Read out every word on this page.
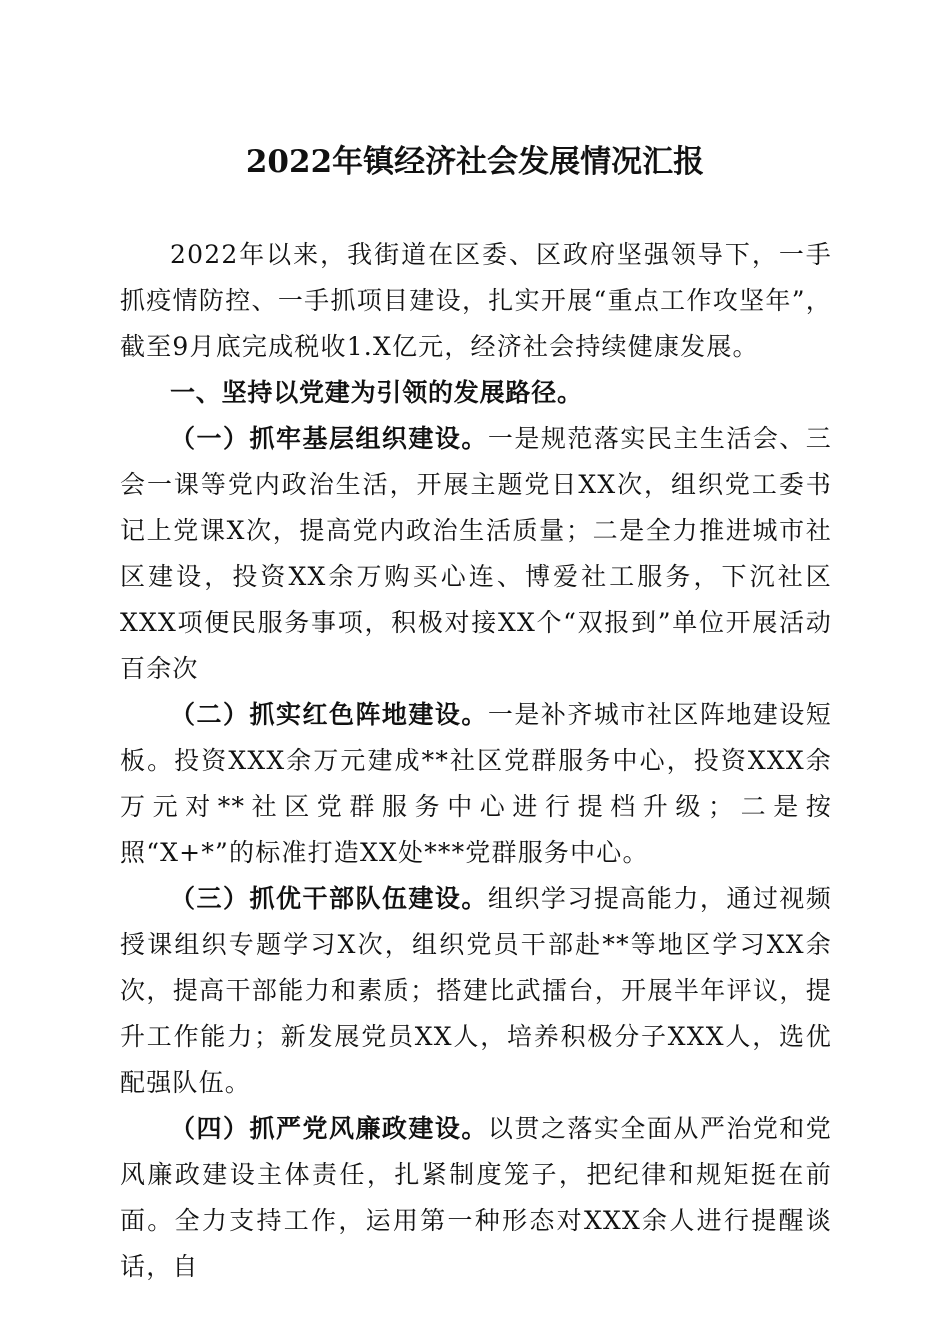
2022年镇经济社会发展情况汇报

2022年以来，我街道在区委、区政府坚强领导下，一手抓疫情防控、一手抓项目建设，扎实开展“重点工作攻坚年”，截至9月底完成税收1.X亿元，经济社会持续健康发展。

一、坚持以党建为引领的发展路径。

（一）抓牢基层组织建设。一是规范落实民主生活会、三会一课等党内政治生活，开展主题党日XX次，组织党工委书记上党课X次，提高党内政治生活质量；二是全力推进城市社区建设，投资XX余万购买心连、博爱社工服务，下沉社区XXX项便民服务事项，积极对接XX个“双报到”单位开展活动百余次

（二）抓实红色阵地建设。一是补齐城市社区阵地建设短板。投资XXX余万元建成**社区党群服务中心，投资XXX余万元对**社区党群服务中心进行提档升级；二是按照“X+*”的标准打造XX处***党群服务中心。

（三）抓优干部队伍建设。组织学习提高能力，通过视频授课组织专题学习X次，组织党员干部赴**等地区学习XX余次，提高干部能力和素质；搭建比武擂台，开展半年评议，提升工作能力；新发展党员XX人，培养积极分子XXX人，选优配强队伍。

（四）抓严党风廉政建设。以贯之落实全面从严治党和党风廉政建设主体责任，扎紧制度笼子，把纪律和规矩挺在前面。全力支持工作，运用第一种形态对XXX余人进行提醒谈话，自
